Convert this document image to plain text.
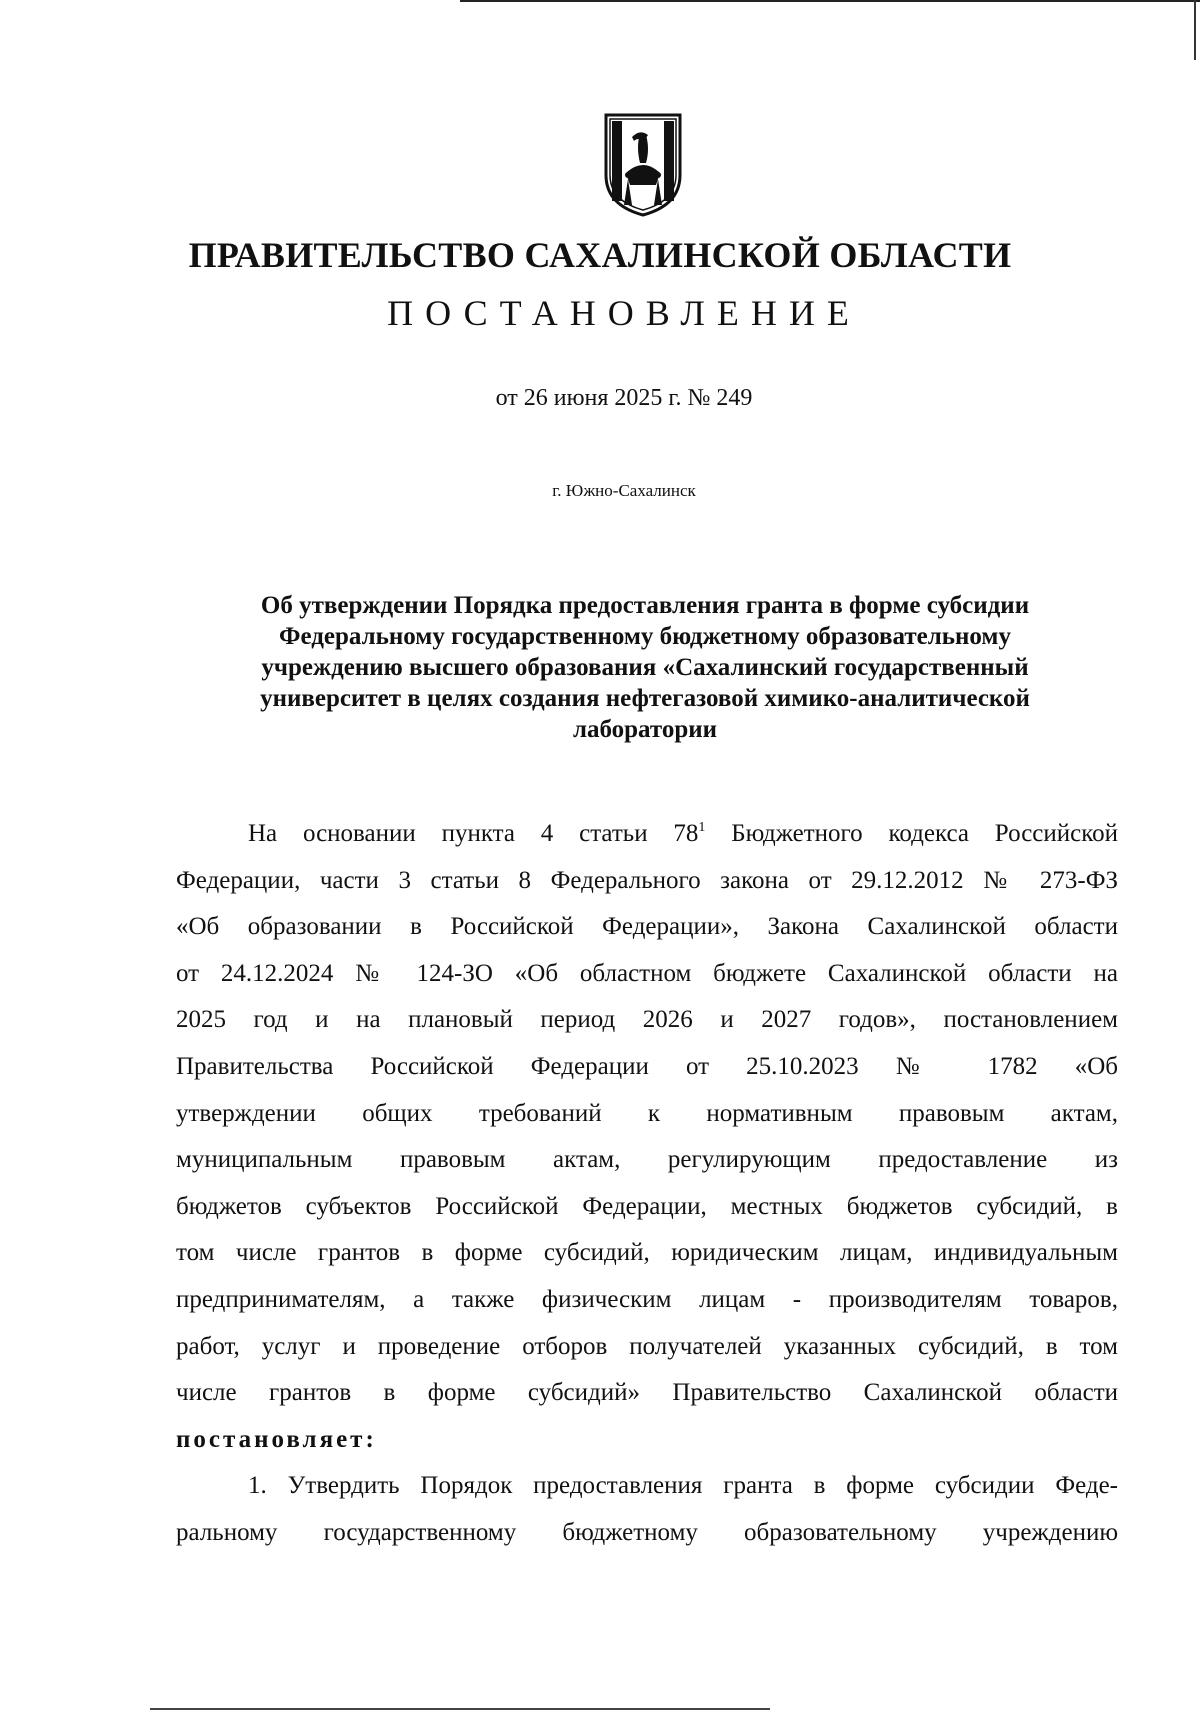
ПРАВИТЕЛЬСТВО САХАЛИНСКОЙ ОБЛАСТИ
ПОСТАНОВЛЕНИЕ
от 26 июня 2025 г. № 249
г. Южно-Сахалинск
Об утверждении Порядка предоставления гранта в форме субсидии
Федеральному государственному бюджетному образовательному
учреждению высшего образования «Сахалинский государственный
университет в целях создания нефтегазовой химико-аналитической
лаборатории
На основании пункта 4 статьи $78^1$ Бюджетного кодекса Российской
Федерации, части 3 статьи 8 Федерального закона от 29.12.2012 № 273-ФЗ
«Об образовании в Российской Федерации», Закона Сахалинской области
от 24.12.2024 № 124-ЗО «Об областном бюджете Сахалинской области на
2025 год и на плановый период 2026 и 2027 годов», постановлением
Правительства Российской Федерации от 25.10.2023 № 1782 «Об
утверждении общих требований к нормативным правовым актам,
муниципальным правовым актам, регулирующим предоставление из
бюджетов субъектов Российской Федерации, местных бюджетов субсидий, в
том числе грантов в форме субсидий, юридическим лицам, индивидуальным
предпринимателям, а также физическим лицам - производителям товаров,
работ, услуг и проведение отборов получателей указанных субсидий, в том
числе грантов в форме субсидий» Правительство Сахалинской области
постановляет:
1. Утвердить Порядок предоставления гранта в форме субсидии Феде-
ральному государственному бюджетному образовательному учреждению
